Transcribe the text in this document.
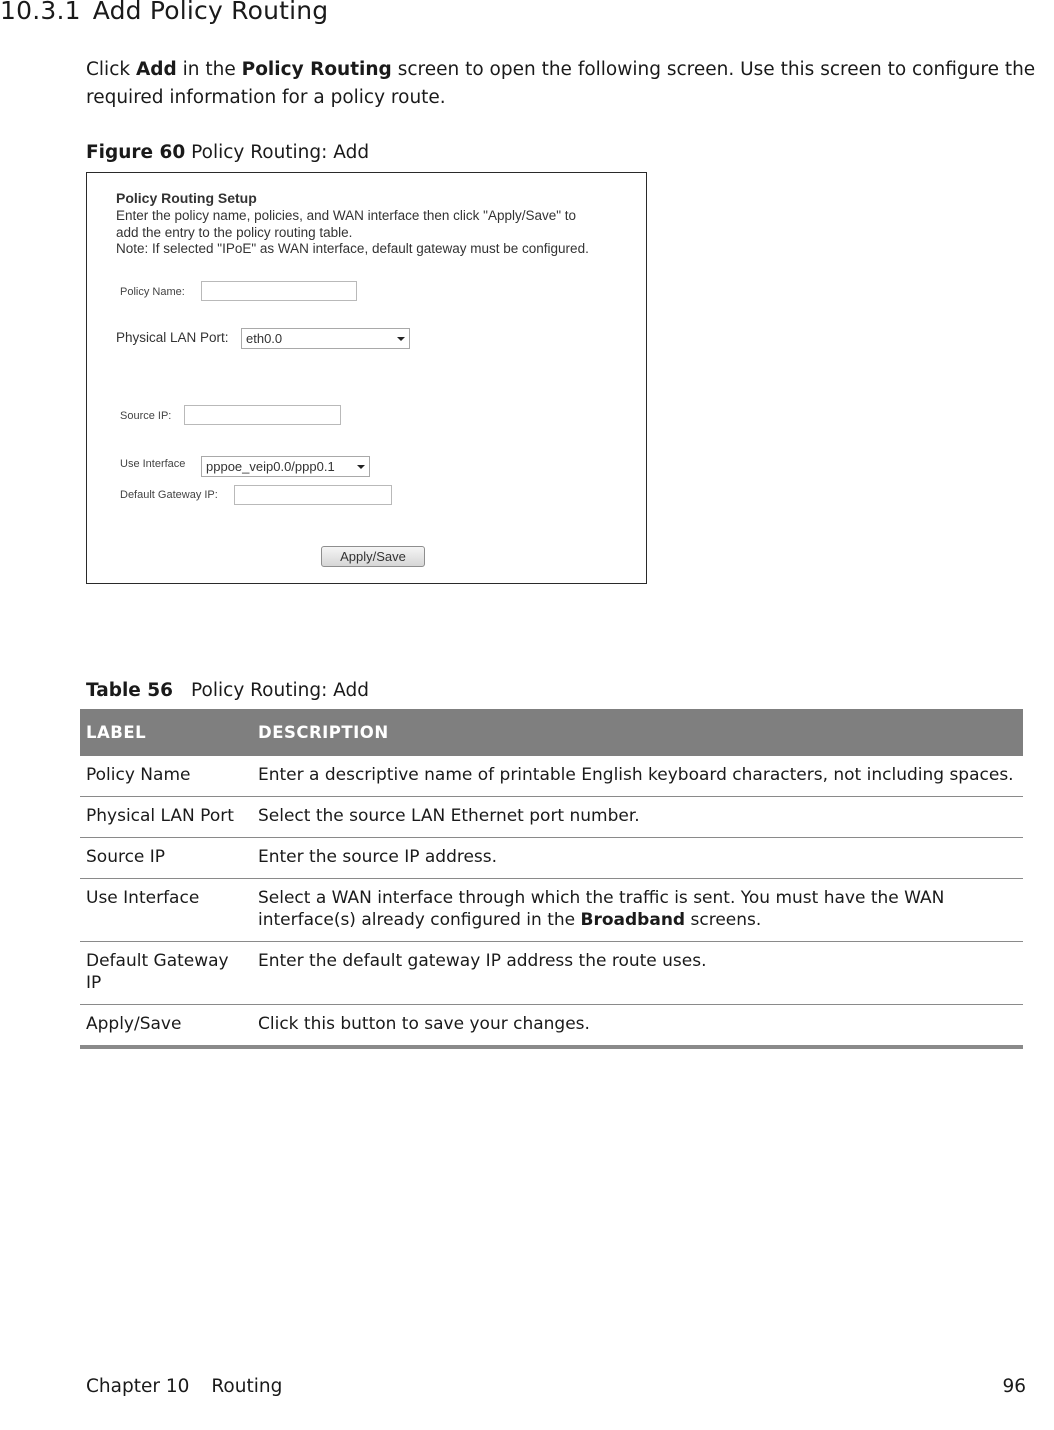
10.3.1 Add Policy Routing

Click Add in the Policy Routing screen to open the following screen. Use this screen to configure the required information for a policy route.

Figure 60 Policy Routing: Add

Policy Routing Setup

Enter the policy name, policies, and WAN interface then click "Apply/Save" to
add the entry to the policy routing table.
Note: If selected "IPoE" as WAN interface, default gateway must be configured.

Policy Name:
Physical LAN Port:	eth0.0
Source IP:
Use Interface	pppoe_veip0.0/ppp0.1
Default Gateway IP:
Apply/Save

Table 56 Policy Routing: Add

LABEL	DESCRIPTION
Policy Name	Enter a descriptive name of printable English keyboard characters, not including spaces.
Physical LAN Port	Select the source LAN Ethernet port number.
Source IP	Enter the source IP address.
Use Interface	Select a WAN interface through which the traffic is sent. You must have the WAN interface(s) already configured in the Broadband screens.
Default Gateway IP	Enter the default gateway IP address the route uses.
Apply/Save	Click this button to save your changes.
Chapter 10 Routing	96
